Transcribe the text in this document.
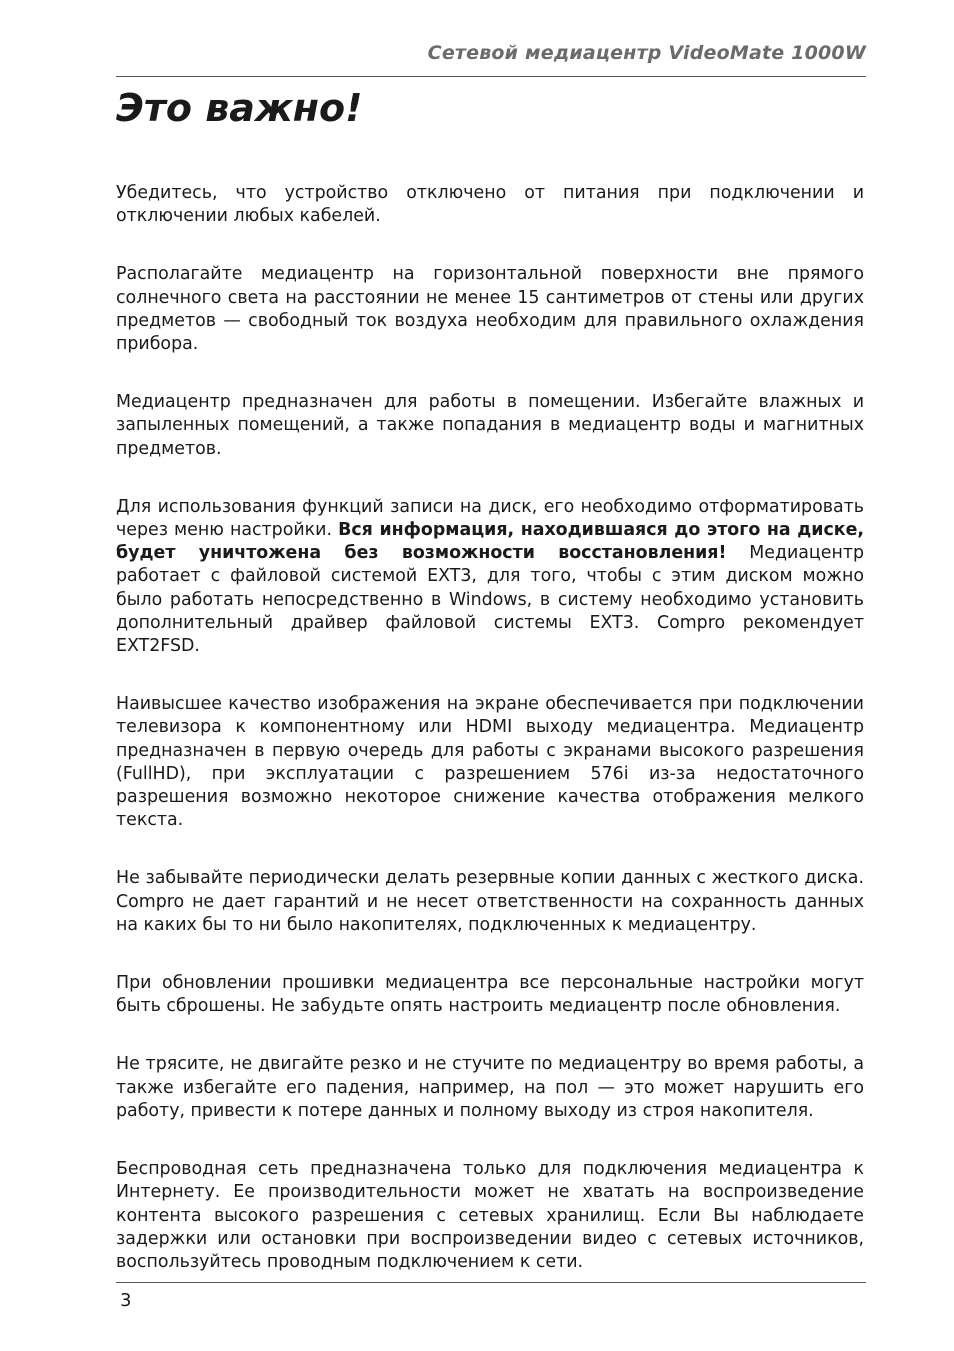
Сетевой медиацентр VideoMate 1000W
Это важно!

Убедитесь, что устройство отключено от питания при подключении и отключении любых кабелей.

Располагайте медиацентр на горизонтальной поверхности вне прямого солнечного света на расстоянии не менее 15 сантиметров от стены или других предметов — свободный ток воздуха необходим для правильного охлаждения прибора.

Медиацентр предназначен для работы в помещении. Избегайте влажных и запыленных помещений, а также попадания в медиацентр воды и магнитных предметов.

Для использования функций записи на диск, его необходимо отформатировать через меню настройки. Вся информация, находившаяся до этого на диске, будет уничтожена без возможности восстановления! Медиацентр работает с файловой системой EXT3, для того, чтобы с этим диском можно было работать непосредственно в Windows, в систему необходимо установить дополнительный драйвер файловой системы EXT3. Compro рекомендует EXT2FSD.

Наивысшее качество изображения на экране обеспечивается при подключении телевизора к компонентному или HDMI выходу медиацентра. Медиацентр предназначен в первую очередь для работы с экранами высокого разрешения (FullHD), при эксплуатации с разрешением 576i из-за недостаточного разрешения возможно некоторое снижение качества отображения мелкого текста.

Не забывайте периодически делать резервные копии данных с жесткого диска. Compro не дает гарантий и не несет ответственности на сохранность данных на каких бы то ни было накопителях, подключенных к медиацентру.

При обновлении прошивки медиацентра все персональные настройки могут быть сброшены. Не забудьте опять настроить медиацентр после обновления.

Не трясите, не двигайте резко и не стучите по медиацентру во время работы, а также избегайте его падения, например, на пол — это может нарушить его работу, привести к потере данных и полному выходу из строя накопителя.

Беспроводная сеть предназначена только для подключения медиацентра к Интернету. Ее производительности может не хватать на воспроизведение контента высокого разрешения с сетевых хранилищ. Если Вы наблюдаете задержки или остановки при воспроизведении видео с сетевых источников, воспользуйтесь проводным подключением к сети.

3
